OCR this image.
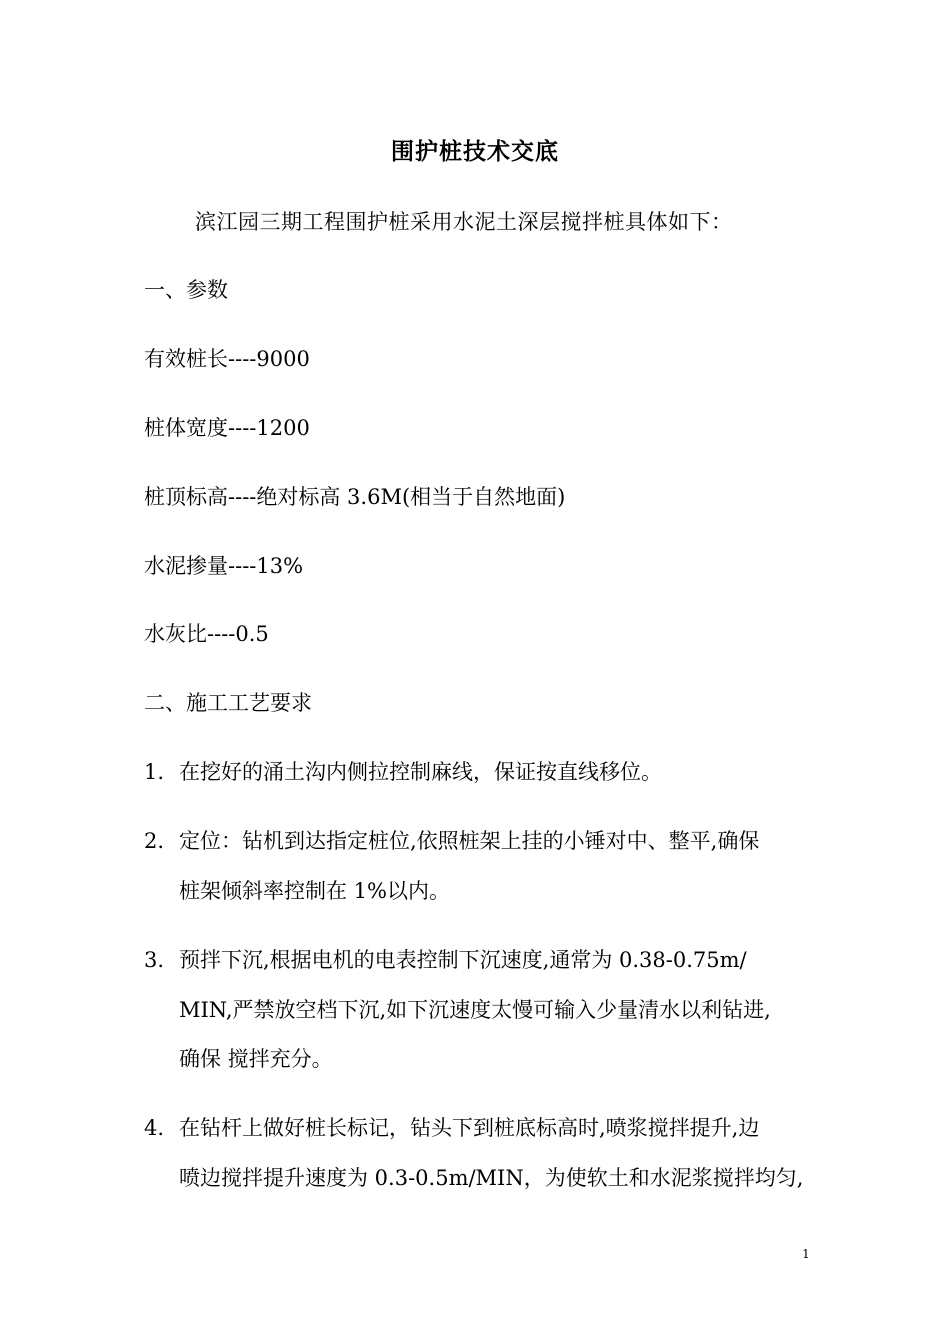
围护桩技术交底
滨江园三期工程围护桩采用水泥土深层搅拌桩具体如下：
一、参数
有效桩长----9000
桩体宽度----1200
桩顶标高----绝对标高 3.6M(相当于自然地面)
水泥掺量----13%
水灰比----0.5
二、施工工艺要求
1. 在挖好的涌土沟内侧拉控制麻线，保证按直线移位。
2. 定位：钻机到达指定桩位,依照桩架上挂的小锤对中、整平,确保
桩架倾斜率控制在 1%以内。
3. 预拌下沉,根据电机的电表控制下沉速度,通常为 0.38-0.75m/
MIN,严禁放空档下沉,如下沉速度太慢可输入少量清水以利钻进,
确保 搅拌充分。
4. 在钻杆上做好桩长标记，钻头下到桩底标高时,喷浆搅拌提升,边
喷边搅拌提升速度为 0.3-0.5m/MIN，为使软土和水泥浆搅拌均匀,
1
